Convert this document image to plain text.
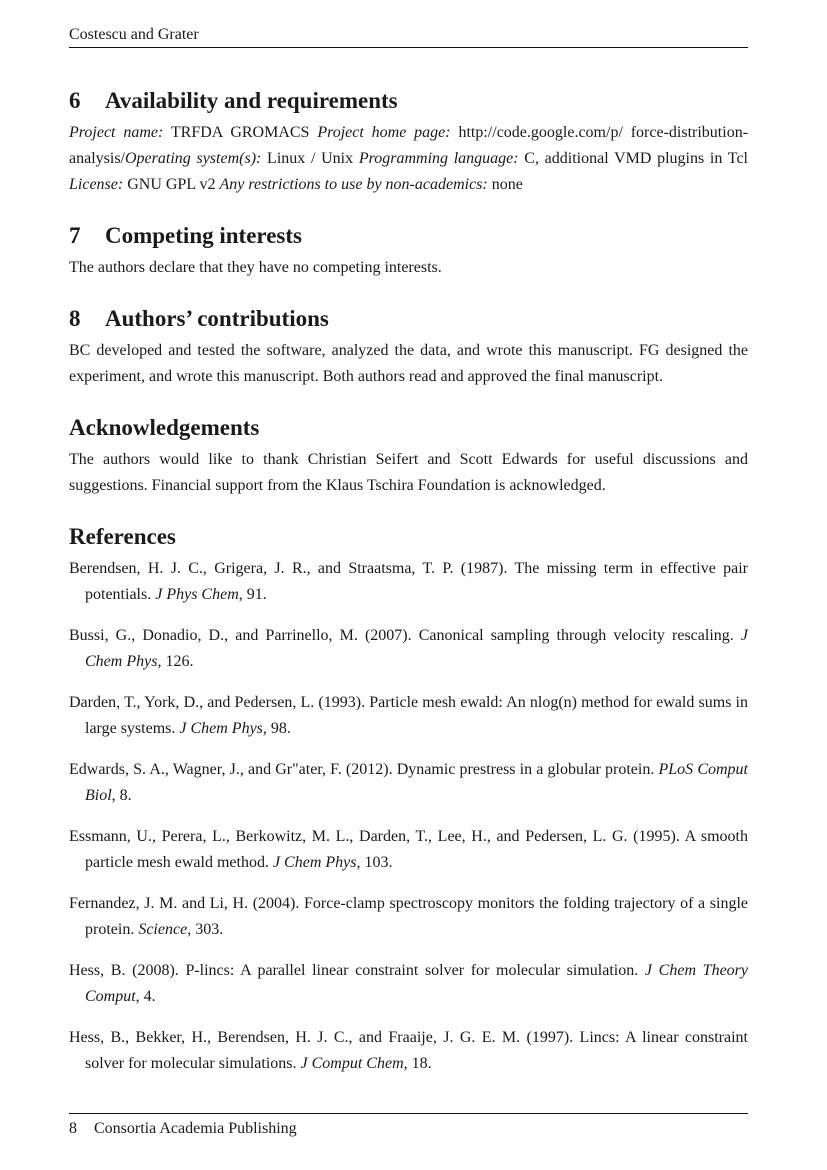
Costescu and Grater
6 Availability and requirements

Project name: TRFDA GROMACS Project home page: http://code.google.com/p/ force-distribution-analysis/Operating system(s): Linux / Unix Programming language: C, additional VMD plugins in Tcl License: GNU GPL v2 Any restrictions to use by non-academics: none

7 Competing interests

The authors declare that they have no competing interests.

8 Authors’ contributions

BC developed and tested the software, analyzed the data, and wrote this manuscript. FG designed the experiment, and wrote this manuscript. Both authors read and approved the final manuscript.

Acknowledgements

The authors would like to thank Christian Seifert and Scott Edwards for useful discussions and suggestions. Financial support from the Klaus Tschira Foundation is acknowledged.

References

Berendsen, H. J. C., Grigera, J. R., and Straatsma, T. P. (1987). The missing term in effective pair potentials. J Phys Chem, 91.

Bussi, G., Donadio, D., and Parrinello, M. (2007). Canonical sampling through velocity rescaling. J Chem Phys, 126.

Darden, T., York, D., and Pedersen, L. (1993). Particle mesh ewald: An nlog(n) method for ewald sums in large systems. J Chem Phys, 98.

Edwards, S. A., Wagner, J., and Gr"ater, F. (2012). Dynamic prestress in a globular protein. PLoS Comput Biol, 8.

Essmann, U., Perera, L., Berkowitz, M. L., Darden, T., Lee, H., and Pedersen, L. G. (1995). A smooth particle mesh ewald method. J Chem Phys, 103.

Fernandez, J. M. and Li, H. (2004). Force-clamp spectroscopy monitors the folding trajectory of a single protein. Science, 303.

Hess, B. (2008). P-lincs: A parallel linear constraint solver for molecular simulation. J Chem Theory Comput, 4.

Hess, B., Bekker, H., Berendsen, H. J. C., and Fraaije, J. G. E. M. (1997). Lincs: A linear constraint solver for molecular simulations. J Comput Chem, 18.

8 Consortia Academia Publishing
